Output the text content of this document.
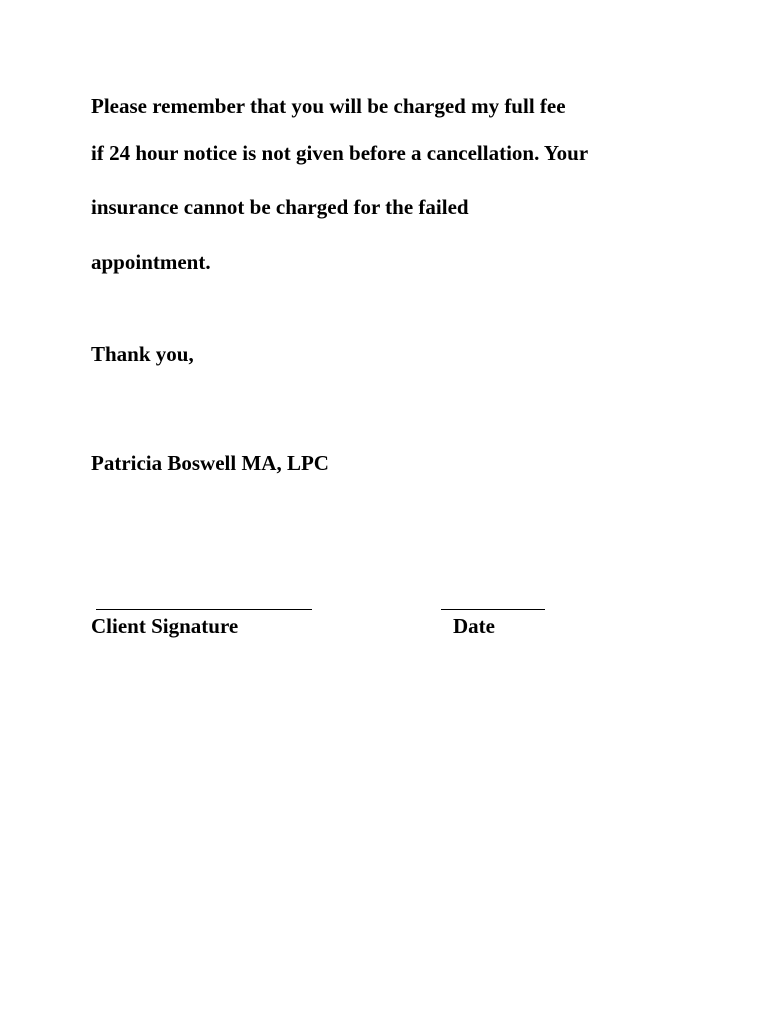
Please remember that you will be charged my full fee
if 24 hour notice is not given before a cancellation. Your
insurance cannot be charged for the failed
appointment.
Thank you,
Patricia Boswell MA, LPC
Client Signature	Date
